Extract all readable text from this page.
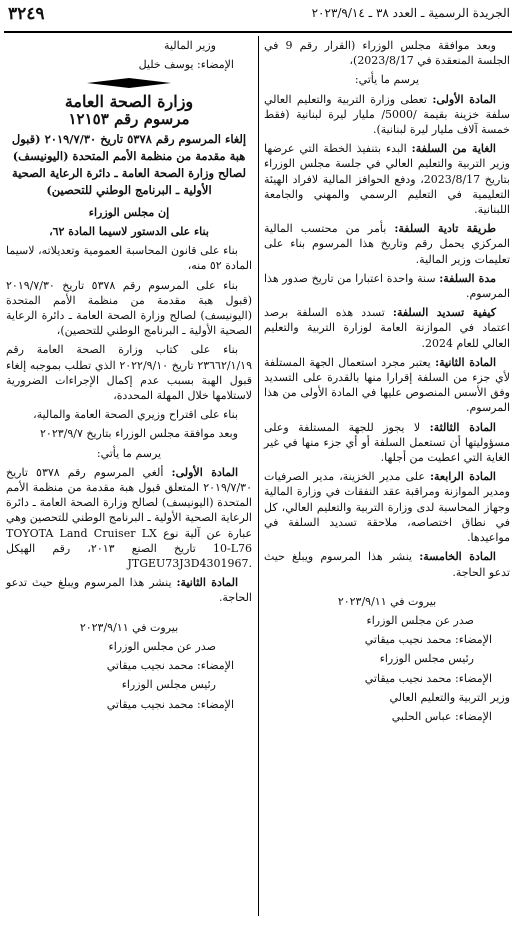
٣٢٤٩	الجريدة الرسمية ـ العدد ٣٨ ـ ٢٠٢٣/٩/١٤

وبعد موافقة مجلس الوزراء (القرار رقم 9 في الجلسة المنعقدة في 2023/8/17)،

يرسم ما يأتي:

المادة الأولى: تعطى وزارة التربية والتعليم العالي سلفة خزينة بقيمة /5000/ مليار ليرة لبنانية (فقط خمسة آلاف مليار ليرة لبنانية).

الغاية من السلفة: البدء بتنفيذ الخطة التي عرضها وزير التربية والتعليم العالي في جلسة مجلس الوزراء بتاريخ 2023/8/17، ودفع الحوافز المالية لافراد الهيئة التعليمية في التعليم الرسمي والمهني والجامعة اللبنانية.

طريقة تادية السلفة: بأمر من محتسب المالية المركزي يحمل رقم وتاريخ هذا المرسوم بناء على تعليمات وزير المالية.

مدة السلفة: سنة واحدة اعتبارا من تاريخ صدور هذا المرسوم.

كيفية تسديد السلفة: تسدد هذه السلفة برصد اعتماد في الموازنة العامة لوزارة التربية والتعليم العالي للعام 2024.

المادة الثانية: يعتبر مجرد استعمال الجهة المستلفة لأي جزء من السلفة إقرارا منها بالقدرة على التسديد وفق الأسس المنصوص عليها في المادة الأولى من هذا المرسوم.

المادة الثالثة: لا يجوز للجهة المستلفة وعلى مسؤوليتها أن تستعمل السلفة أو أي جزء منها في غير الغاية التي اعطيت من أجلها.

المادة الرابعة: على مدير الخزينة، مدير الصرفيات ومدير الموازنة ومراقبة عقد النفقات في وزارة المالية وجهاز المحاسبة لدى وزارة التربية والتعليم العالي، كل في نطاق اختصاصه، ملاحقة تسديد السلفة في مواعيدها.

المادة الخامسة: ينشر هذا المرسوم ويبلغ حيث تدعو الحاجة.

بيروت في ٢٠٢٣/٩/١١

صدر عن مجلس الوزراء

الإمضاء: محمد نجيب ميقاتي

رئيس مجلس الوزراء

الإمضاء: محمد نجيب ميقاتي

وزير التربية والتعليم العالي

الإمضاء: عباس الحلبي

وزير المالية

الإمضاء: يوسف خليل

وزارة الصحة العامة
مرسوم رقم ١٢١٥٣
إلغاء المرسوم رقم ٥٣٧٨ تاريخ ٢٠١٩/٧/٣٠ (قبول هبة مقدمة من منظمة الأمم المتحدة (اليونيسف) لصالح وزارة الصحة العامة ـ دائرة الرعاية الصحية الأولية ـ البرنامج الوطني للتحصين)

إن مجلس الوزراء

بناء على الدستور لاسيما المادة ٦٢،

بناء على قانون المحاسبة العمومية وتعديلاته، لاسيما المادة ٥٢ منه،

بناء على المرسوم رقم ٥٣٧٨ تاريخ ٢٠١٩/٧/٣٠ (قبول هبة مقدمة من منظمة الأمم المتحدة (اليونيسف) لصالح وزارة الصحة العامة ـ دائرة الرعاية الصحية الأولية ـ البرنامج الوطني للتحصين)،

بناء على كتاب وزارة الصحة العامة رقم ٢٣٦٦٢/١/١٩ تاريخ ٢٠٢٢/٩/١٠ الذي تطلب بموجبه إلغاء قبول الهبة بسبب عدم إكمال الإجراءات الضرورية لاستلامها خلال المهلة المحددة،

بناء على اقتراح وزيري الصحة العامة والمالية،

وبعد موافقة مجلس الوزراء بتاريخ ٢٠٢٣/٩/٧

يرسم ما يأتي:

المادة الأولى: ألغي المرسوم رقم ٥٣٧٨ تاريخ ٢٠١٩/٧/٣٠ المتعلق قبول هبة مقدمة من منظمة الأمم المتحدة (اليونيسف) لصالح وزارة الصحة العامة ـ دائرة الرعاية الصحية الأولية ـ البرنامج الوطني للتحصين وهي عبارة عن آلية نوع TOYOTA Land Cruiser LX 10-L76 تاريخ الصنع ٢٠١٣، رقم الهيكل JTGEU73J3D4301967.

المادة الثانية: ينشر هذا المرسوم ويبلغ حيث تدعو الحاجة.

بيروت في ٢٠٢٣/٩/١١

صدر عن مجلس الوزراء

الإمضاء: محمد نجيب ميقاتي

رئيس مجلس الوزراء

الإمضاء: محمد نجيب ميقاتي
